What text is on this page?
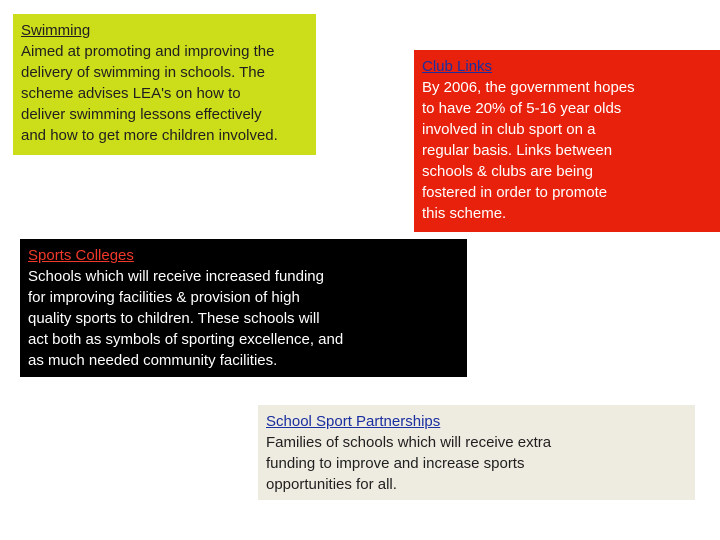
Swimming
Aimed at promoting and improving the
delivery of swimming in schools. The
scheme advises LEA's on how to
deliver swimming lessons effectively
and how to get more children involved.
Club Links
By 2006, the government hopes
to have 20% of 5-16 year olds
involved in club sport on a
regular basis. Links between
schools & clubs are being
fostered in order to promote
this scheme.
Sports Colleges
Schools which will receive increased funding
for improving facilities & provision of high
quality sports to children. These schools will
act both as symbols of sporting excellence, and
as much needed community facilities.
School Sport Partnerships
Families of schools which will receive extra
funding to improve and increase sports
opportunities for all.
